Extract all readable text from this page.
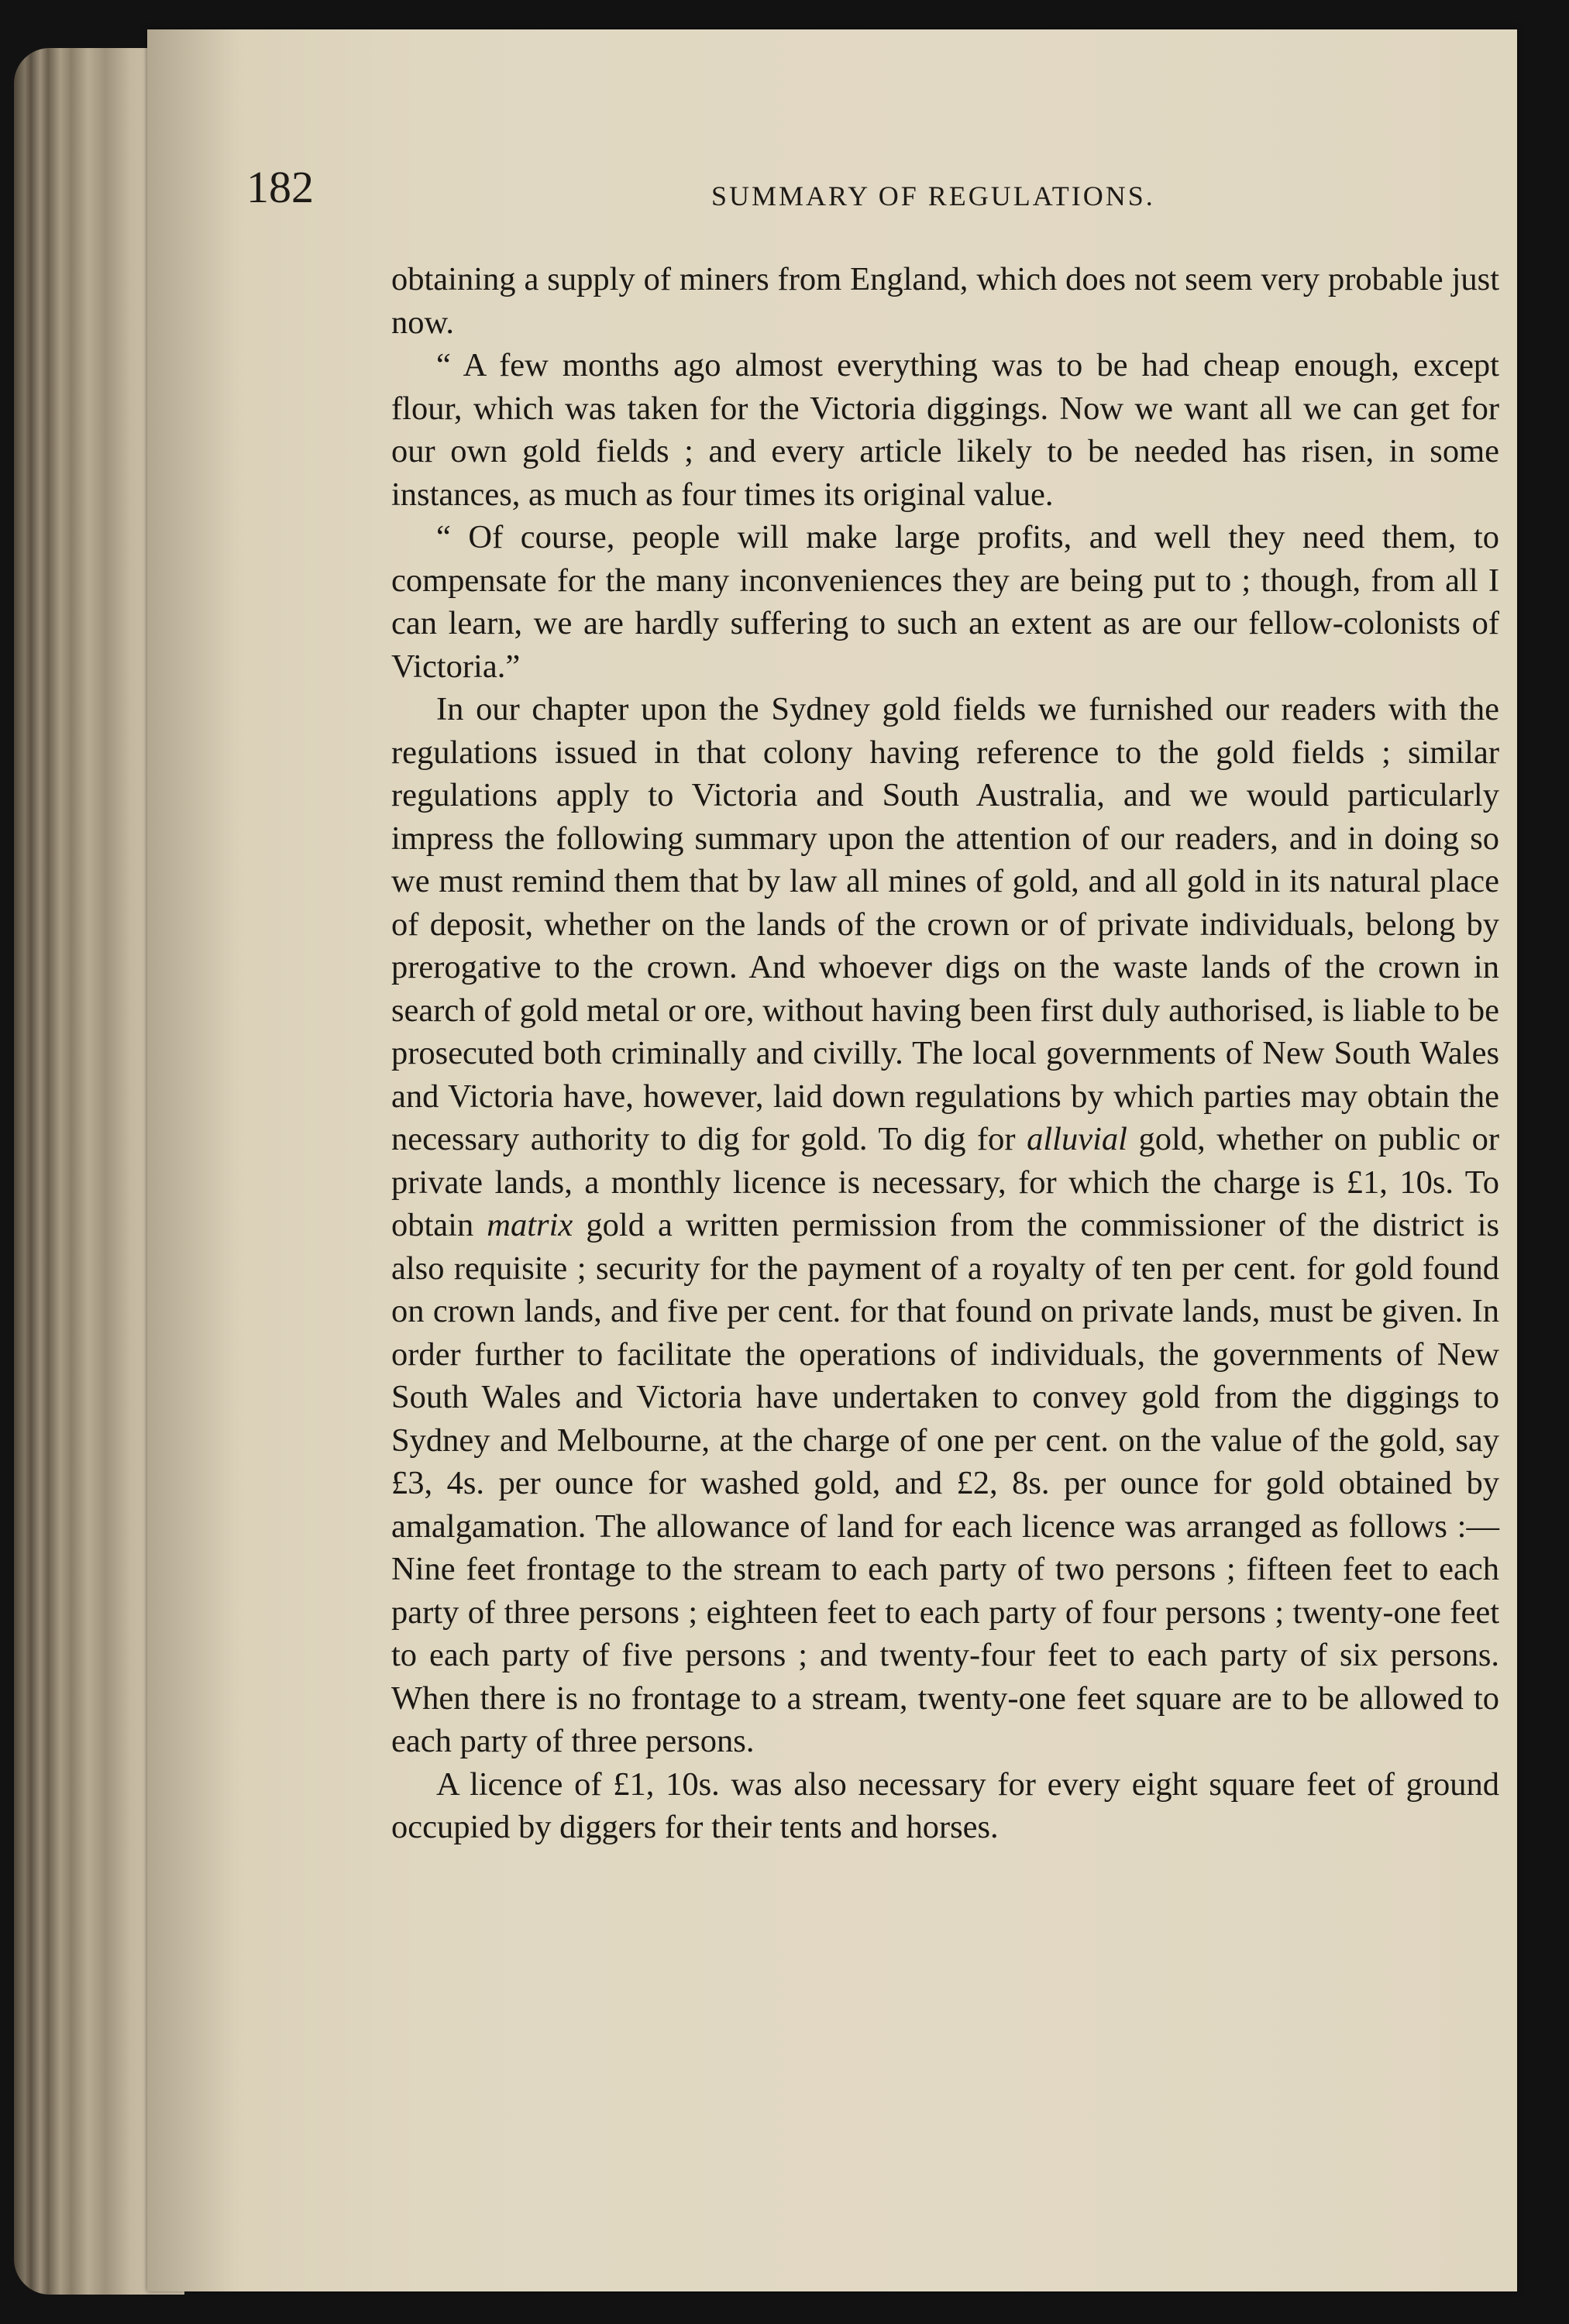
182	SUMMARY OF REGULATIONS.

obtaining a supply of miners from England, which does not seem very probable just now.

“ A few months ago almost everything was to be had cheap enough, except flour, which was taken for the Victoria diggings. Now we want all we can get for our own gold fields ; and every article likely to be needed has risen, in some instances, as much as four times its original value.

“ Of course, people will make large profits, and well they need them, to compensate for the many inconveniences they are being put to ; though, from all I can learn, we are hardly suffering to such an extent as are our fellow-colonists of Victoria.”

In our chapter upon the Sydney gold fields we furnished our readers with the regulations issued in that colony having reference to the gold fields ; similar regulations apply to Victoria and South Australia, and we would particularly impress the following summary upon the attention of our readers, and in doing so we must remind them that by law all mines of gold, and all gold in its natural place of deposit, whether on the lands of the crown or of private individuals, belong by prerogative to the crown. And whoever digs on the waste lands of the crown in search of gold metal or ore, without having been first duly authorised, is liable to be prosecuted both criminally and civilly. The local governments of New South Wales and Victoria have, however, laid down regulations by which parties may obtain the necessary authority to dig for gold. To dig for alluvial gold, whether on public or private lands, a monthly licence is necessary, for which the charge is £1, 10s. To obtain matrix gold a written permission from the commissioner of the district is also requisite ; security for the payment of a royalty of ten per cent. for gold found on crown lands, and five per cent. for that found on private lands, must be given. In order further to facilitate the operations of individuals, the governments of New South Wales and Victoria have undertaken to convey gold from the diggings to Sydney and Melbourne, at the charge of one per cent. on the value of the gold, say £3, 4s. per ounce for washed gold, and £2, 8s. per ounce for gold obtained by amalgamation. The allowance of land for each licence was arranged as follows :—Nine feet frontage to the stream to each party of two persons ; fifteen feet to each party of three persons ; eighteen feet to each party of four persons ; twenty-one feet to each party of five persons ; and twenty-four feet to each party of six persons. When there is no frontage to a stream, twenty-one feet square are to be allowed to each party of three persons.

A licence of £1, 10s. was also necessary for every eight square feet of ground occupied by diggers for their tents and horses.
